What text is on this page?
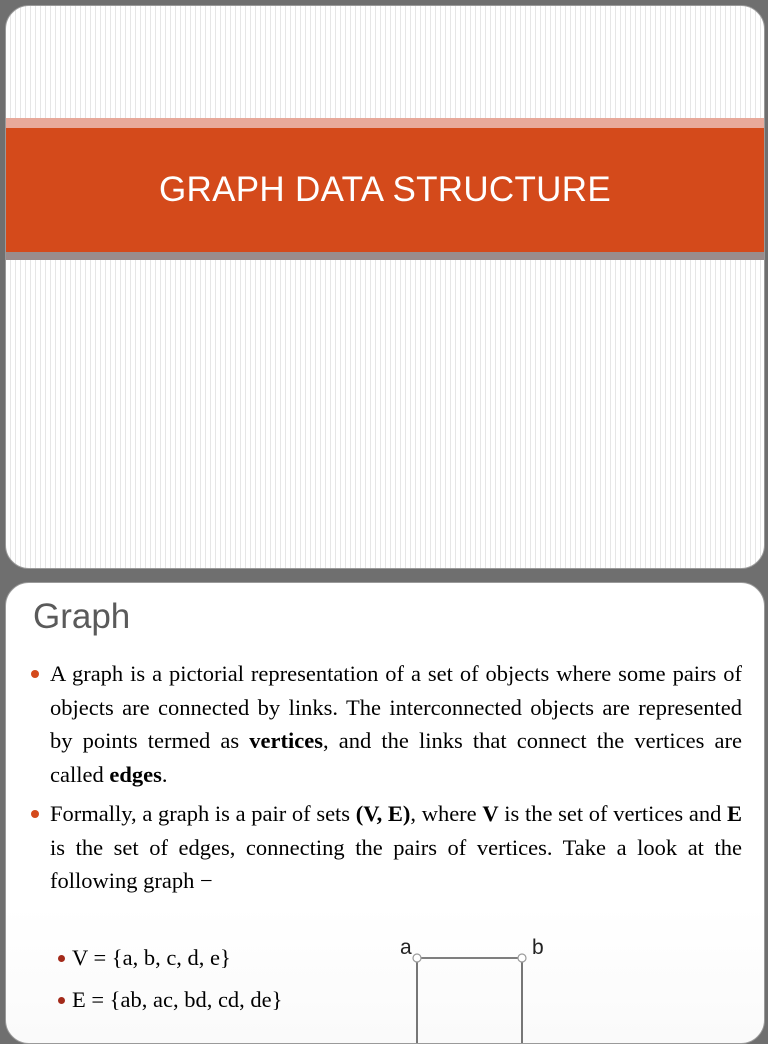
GRAPH DATA STRUCTURE
Graph
A graph is a pictorial representation of a set of objects where some pairs of objects are connected by links. The interconnected objects are represented by points termed as vertices, and the links that connect the vertices are called edges.
Formally, a graph is a pair of sets (V, E), where V is the set of vertices and E is the set of edges, connecting the pairs of vertices. Take a look at the following graph −
V = {a, b, c, d, e}
E = {ab, ac, bd, cd, de}
a	b
